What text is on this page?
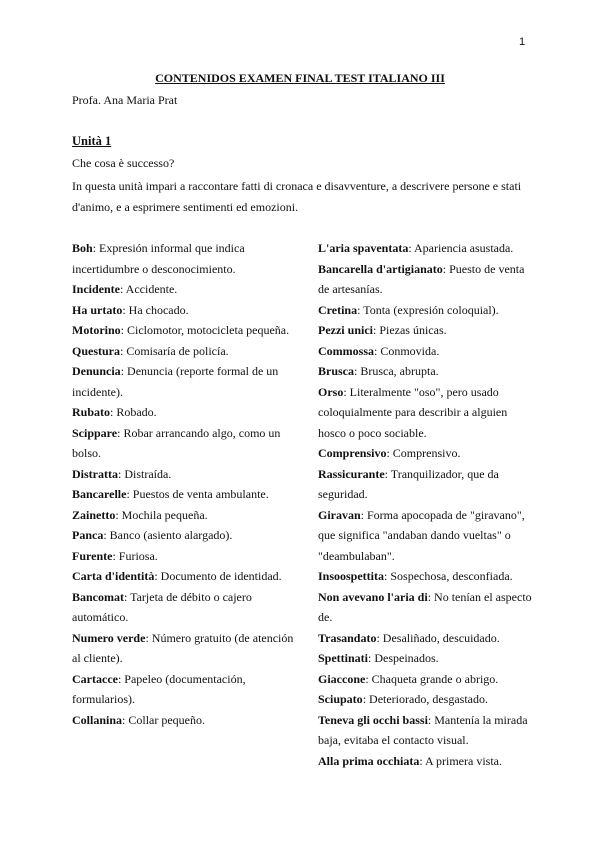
1
CONTENIDOS EXAMEN FINAL TEST ITALIANO III
Profa. Ana Maria Prat
Unità 1
Che cosa è successo?
In questa unità impari a raccontare fatti di cronaca e disavventure, a descrivere persone e stati d'animo, e a esprimere sentimenti ed emozioni.

Boh: Expresión informal que indica incertidumbre o desconocimiento.

Incidente: Accidente.

Ha urtato: Ha chocado.

Motorino: Ciclomotor, motocicleta pequeña.

Questura: Comisaría de policía.

Denuncia: Denuncia (reporte formal de un incidente).

Rubato: Robado.

Scippare: Robar arrancando algo, como un bolso.

Distratta: Distraída.

Bancarelle: Puestos de venta ambulante.

Zainetto: Mochila pequeña.

Panca: Banco (asiento alargado).

Furente: Furiosa.

Carta d'identità: Documento de identidad.

Bancomat: Tarjeta de débito o cajero automático.

Numero verde: Número gratuito (de atención al cliente).

Cartacce: Papeleo (documentación, formularios).

Collanina: Collar pequeño.

L'aria spaventata: Apariencia asustada.

Bancarella d'artigianato: Puesto de venta de artesanías.

Cretina: Tonta (expresión coloquial).

Pezzi unici: Piezas únicas.

Commossa: Conmovida.

Brusca: Brusca, abrupta.

Orso: Literalmente "oso", pero usado coloquialmente para describir a alguien hosco o poco sociable.

Comprensivo: Comprensivo.

Rassicurante: Tranquilizador, que da seguridad.

Giravan: Forma apocopada de "giravano", que significa "andaban dando vueltas" o "deambulaban".

Insoospettita: Sospechosa, desconfiada.

Non avevano l'aria di: No tenían el aspecto de.

Trasandato: Desaliñado, descuidado.

Spettinati: Despeinados.

Giaccone: Chaqueta grande o abrigo.

Sciupato: Deteriorado, desgastado.

Teneva gli occhi bassi: Mantenía la mirada baja, evitaba el contacto visual.

Alla prima occhiata: A primera vista.
